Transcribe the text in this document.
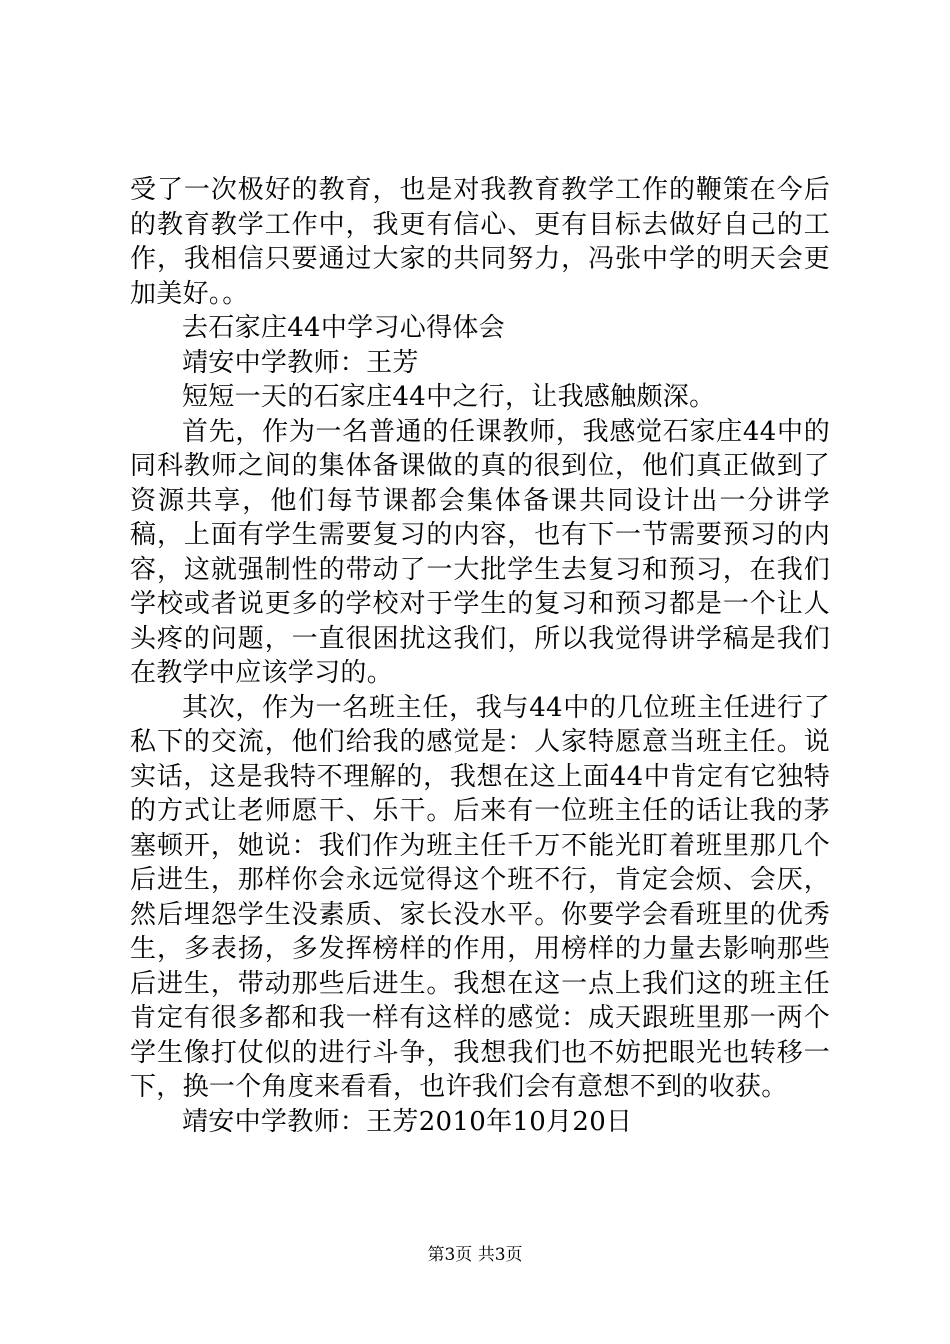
受了一次极好的教育，也是对我教育教学工作的鞭策在今后的教育教学工作中，我更有信心、更有目标去做好自己的工作，我相信只要通过大家的共同努力，冯张中学的明天会更加美好。。

去石家庄44中学习心得体会

靖安中学教师：王芳

短短一天的石家庄44中之行，让我感触颇深。

首先，作为一名普通的任课教师，我感觉石家庄44中的同科教师之间的集体备课做的真的很到位，他们真正做到了资源共享，他们每节课都会集体备课共同设计出一分讲学稿，上面有学生需要复习的内容，也有下一节需要预习的内容，这就强制性的带动了一大批学生去复习和预习，在我们学校或者说更多的学校对于学生的复习和预习都是一个让人头疼的问题，一直很困扰这我们，所以我觉得讲学稿是我们在教学中应该学习的。

其次，作为一名班主任，我与44中的几位班主任进行了私下的交流，他们给我的感觉是：人家特愿意当班主任。说实话，这是我特不理解的，我想在这上面44中肯定有它独特的方式让老师愿干、乐干。后来有一位班主任的话让我的茅塞顿开，她说：我们作为班主任千万不能光盯着班里那几个后进生，那样你会永远觉得这个班不行，肯定会烦、会厌，然后埋怨学生没素质、家长没水平。你要学会看班里的优秀生，多表扬，多发挥榜样的作用，用榜样的力量去影响那些后进生，带动那些后进生。我想在这一点上我们这的班主任肯定有很多都和我一样有这样的感觉：成天跟班里那一两个学生像打仗似的进行斗争，我想我们也不妨把眼光也转移一下，换一个角度来看看，也许我们会有意想不到的收获。

靖安中学教师：王芳2010年10月20日

第3页 共3页
